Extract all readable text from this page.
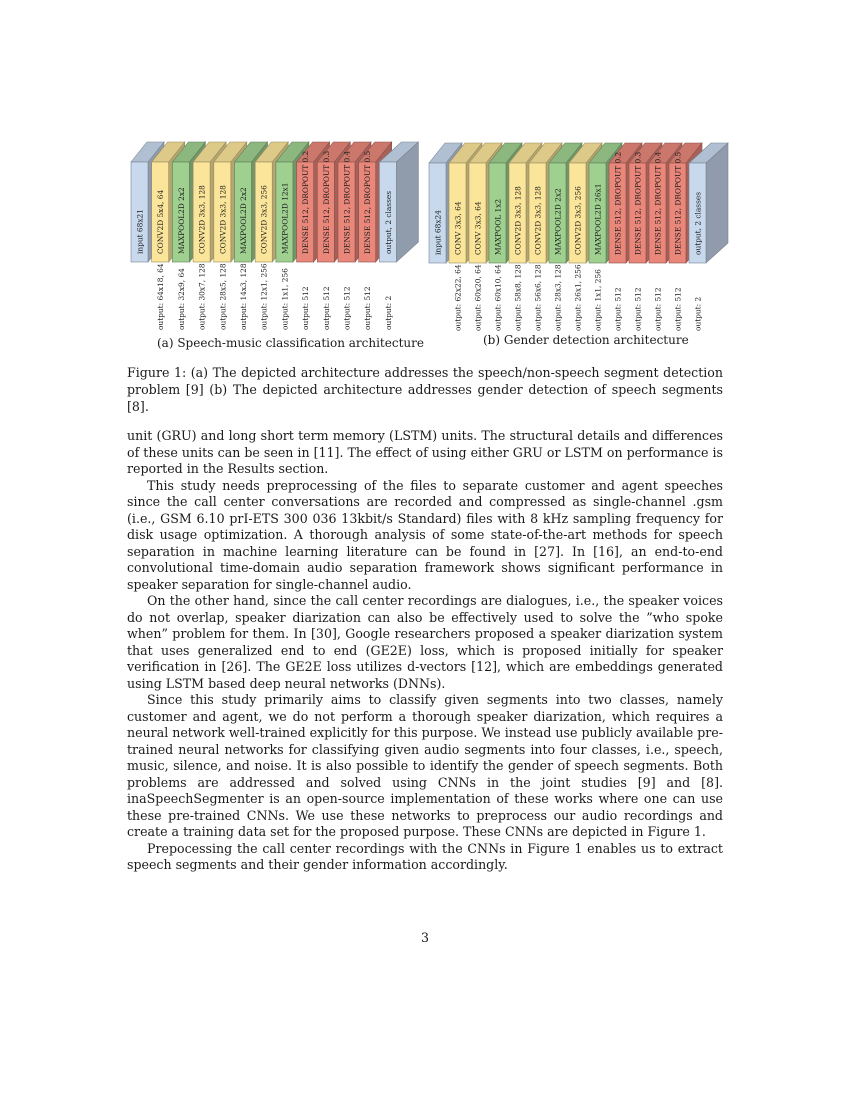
input 68x21 CONV2D 5x4, 64
output: 64x18, 64
MAXPOOL2D 2x2
output: 32x9, 64
CONV2D 3x3, 128
output: 30x7, 128
CONV2D 3x3, 128
output: 28x5, 128
MAXPOOL2D 2x2
output: 14x3, 128
CONV2D 3x3, 256
output: 12x1, 256
MAXPOOL2D 12x1
output: 1x1, 256
DENSE 512, DROPOUT 0.2
output: 512
DENSE 512, DROPOUT 0.3
output: 512
DENSE 512, DROPOUT 0.4
output: 512
DENSE 512, DROPOUT 0.5
output: 512
output, 2 classes
output: 2
input 68x24 CONV 3x3, 64
output: 62x22, 64
CONV 3x3, 64
output: 60x20, 64
MAXPOOL 1x2
output: 60x10, 64
CONV2D 3x3, 128
output: 58x8, 128
CONV2D 3x3, 128
output: 56x6, 128
MAXPOOL2D 2x2
output: 28x3, 128
CONV2D 3x3, 256
output: 26x1, 256
MAXPOOL2D 26x1
output: 1x1, 256
DENSE 512, DROPOUT 0.2
output: 512
DENSE 512, DROPOUT 0.3
output: 512
DENSE 512, DROPOUT 0.4
output: 512
DENSE 512, DROPOUT 0.5
output: 512
output, 2 classes
output: 2
(a) Speech-music classification architecture	(b) Gender detection architecture
Figure 1: (a) The depicted architecture addresses the speech/non-speech segment detection problem [9] (b) The depicted architecture addresses gender detection of speech segments [8].

unit (GRU) and long short term memory (LSTM) units. The structural details and differences of these units can be seen in [11]. The effect of using either GRU or LSTM on performance is reported in the Results section.

This study needs preprocessing of the files to separate customer and agent speeches since the call center conversations are recorded and compressed as single-channel .gsm (i.e., GSM 6.10 prI-ETS 300 036 13kbit/s Standard) files with 8 kHz sampling frequency for disk usage optimization. A thorough analysis of some state-of-the-art methods for speech separation in machine learning literature can be found in [27]. In [16], an end-to-end convolutional time-domain audio separation framework shows significant performance in speaker separation for single-channel audio.

On the other hand, since the call center recordings are dialogues, i.e., the speaker voices do not overlap, speaker diarization can also be effectively used to solve the ”who spoke when” problem for them. In [30], Google researchers proposed a speaker diarization system that uses generalized end to end (GE2E) loss, which is proposed initially for speaker verification in [26]. The GE2E loss utilizes d-vectors [12], which are embeddings generated using LSTM based deep neural networks (DNNs).

Since this study primarily aims to classify given segments into two classes, namely customer and agent, we do not perform a thorough speaker diarization, which requires a neural network well-trained explicitly for this purpose. We instead use publicly available pre-trained neural networks for classifying given audio segments into four classes, i.e., speech, music, silence, and noise. It is also possible to identify the gender of speech segments. Both problems are addressed and solved using CNNs in the joint studies [9] and [8]. inaSpeechSegmenter is an open-source implementation of these works where one can use these pre-trained CNNs. We use these networks to preprocess our audio recordings and create a training data set for the proposed purpose. These CNNs are depicted in Figure 1.

Prepocessing the call center recordings with the CNNs in Figure 1 enables us to extract speech segments and their gender information accordingly.

3
